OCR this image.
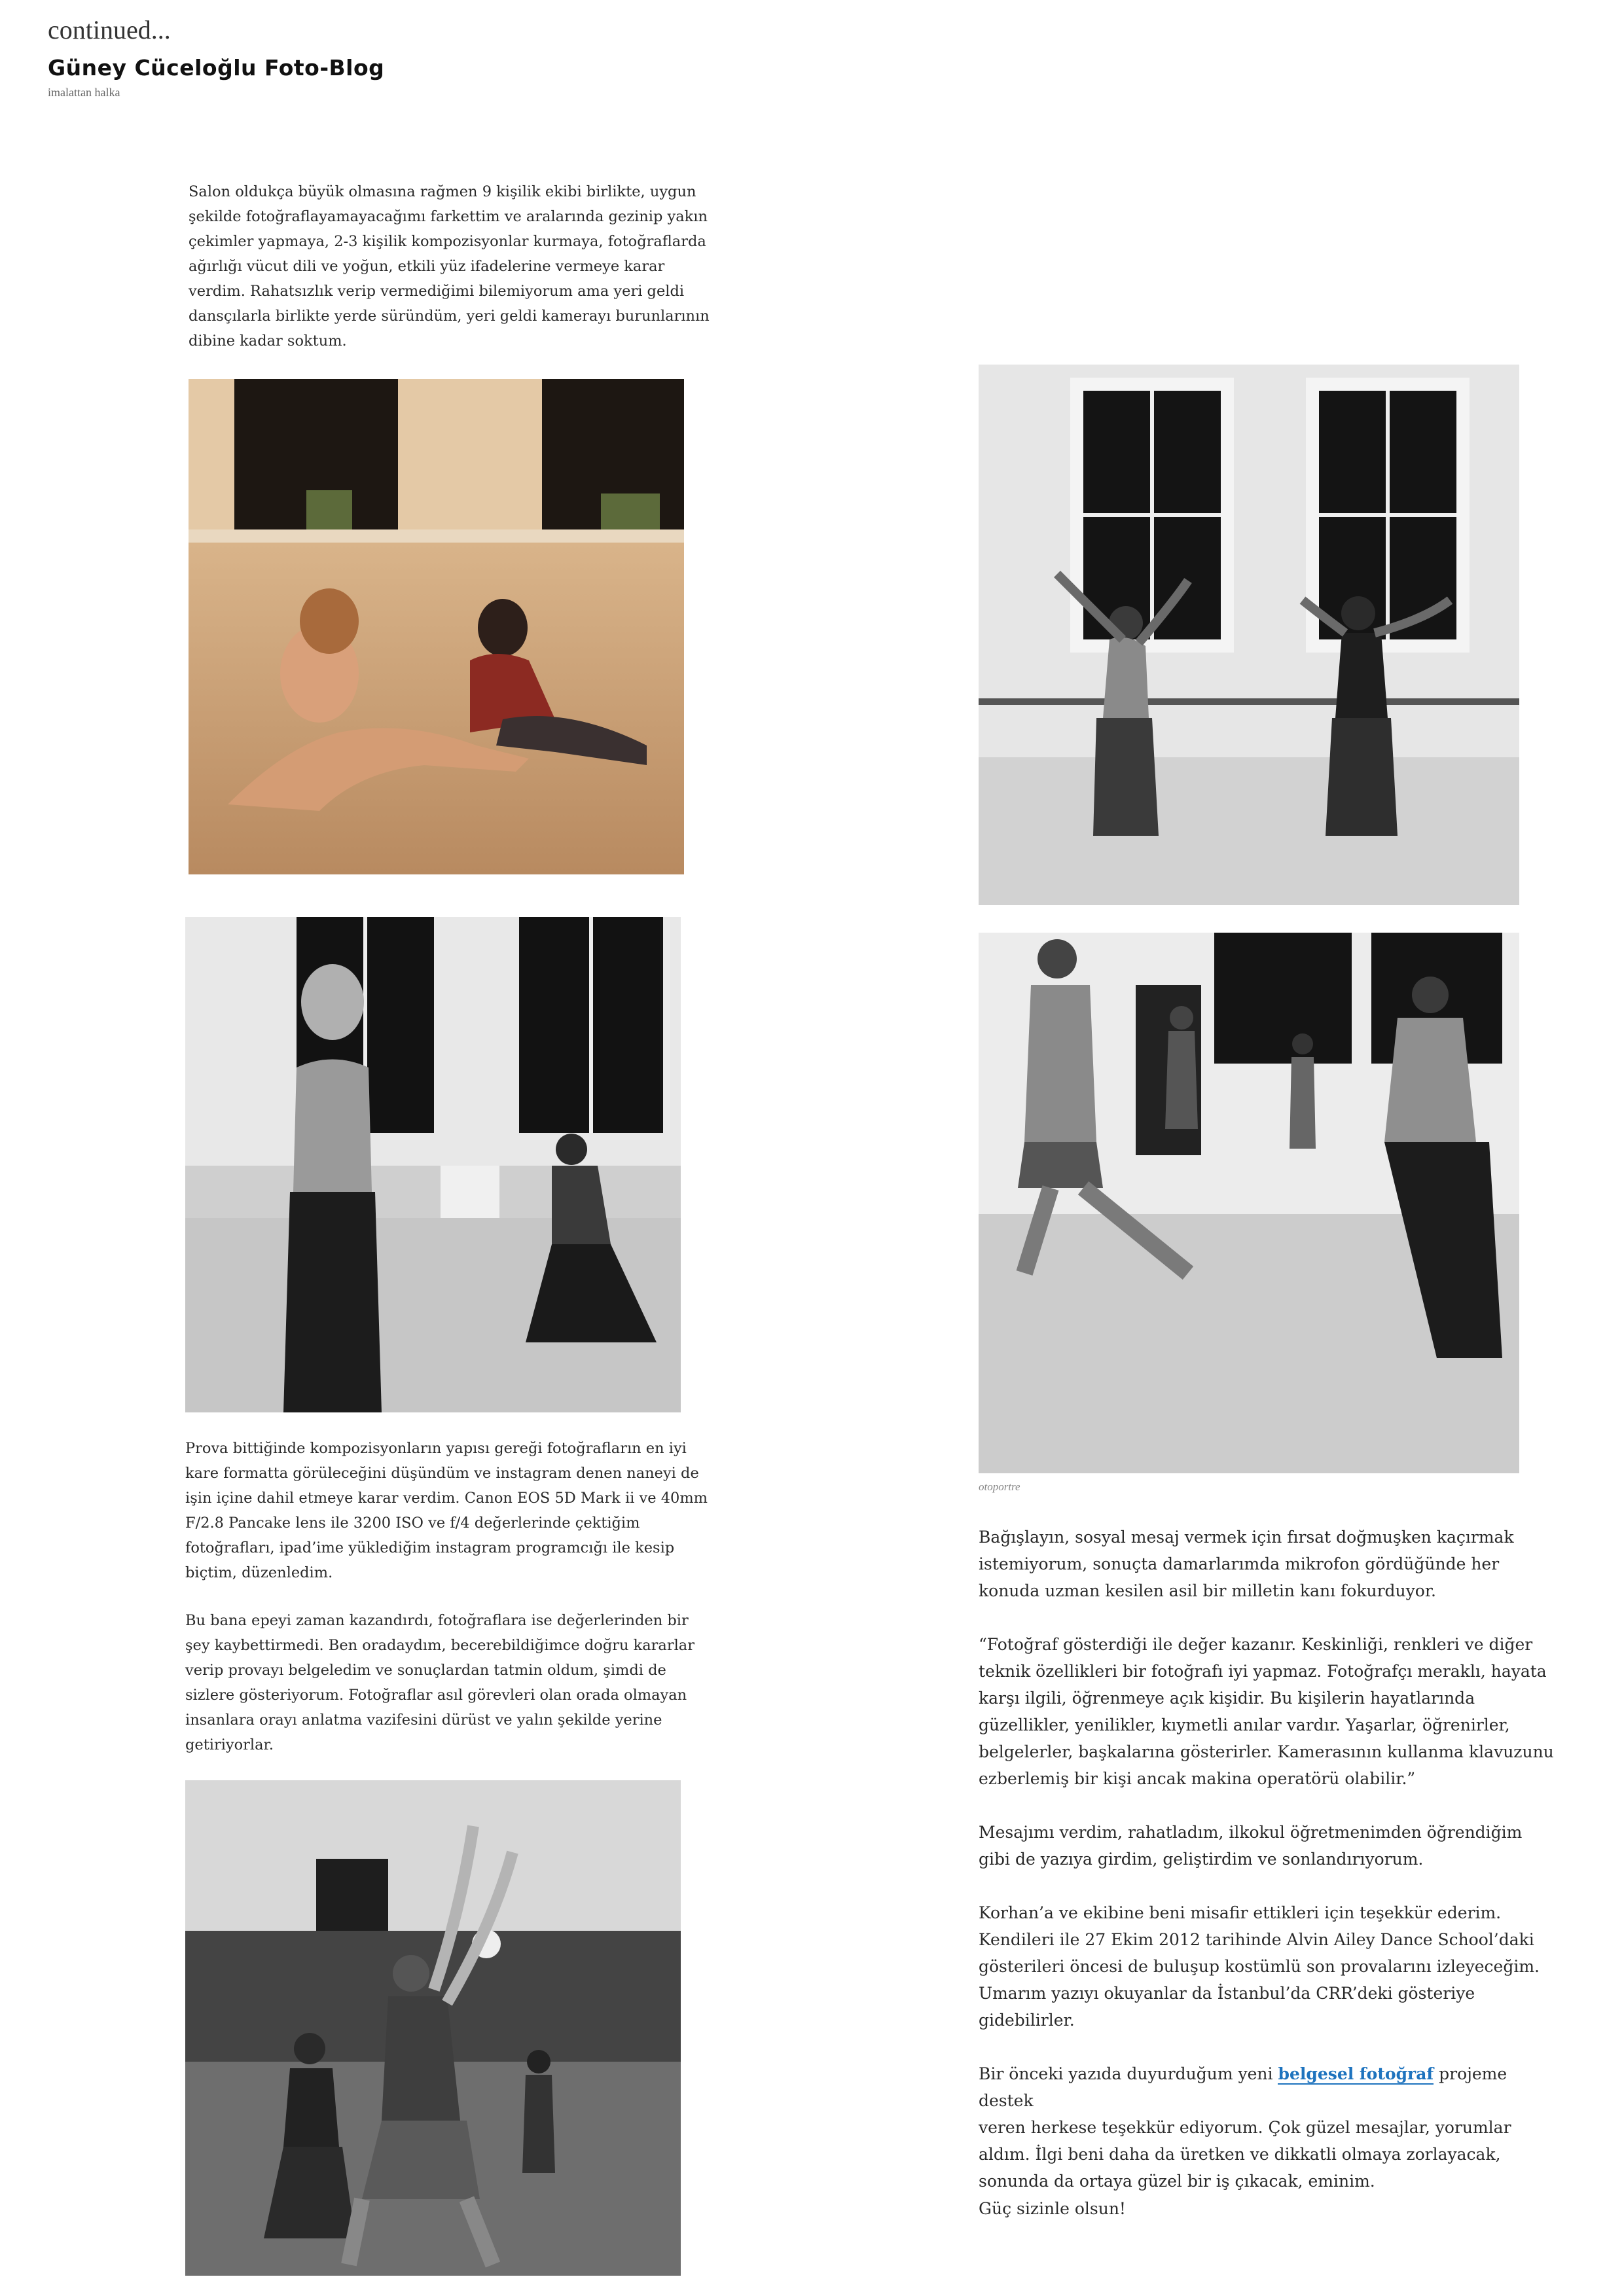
continued...
Güney Cüceloğlu Foto-Blog
imalattan halka

Salon oldukça büyük olmasına rağmen 9 kişilik ekibi birlikte, uygun
şekilde fotoğraflayamayacağımı farkettim ve aralarında gezinip yakın
çekimler yapmaya, 2-3 kişilik kompozisyonlar kurmaya, fotoğraflarda
ağırlığı vücut dili ve yoğun, etkili yüz ifadelerine vermeye karar
verdim. Rahatsızlık verip vermediğimi bilemiyorum ama yeri geldi
dansçılarla birlikte yerde süründüm, yeri geldi kamerayı burunlarının
dibine kadar soktum.

otoportre

Prova bittiğinde kompozisyonların yapısı gereği fotoğrafların en iyi
kare formatta görüleceğini düşündüm ve instagram denen naneyi de
işin içine dahil etmeye karar verdim. Canon EOS 5D Mark ii ve 40mm
F/2.8 Pancake lens ile 3200 ISO ve f/4 değerlerinde çektiğim
fotoğrafları, ipad’ime yüklediğim instagram programcığı ile kesip
biçtim, düzenledim.

Bu bana epeyi zaman kazandırdı, fotoğraflara ise değerlerinden bir
şey kaybettirmedi. Ben oradaydım, becerebildiğimce doğru kararlar
verip provayı belgeledim ve sonuçlardan tatmin oldum, şimdi de
sizlere gösteriyorum. Fotoğraflar asıl görevleri olan orada olmayan
insanlara orayı anlatma vazifesini dürüst ve yalın şekilde yerine
getiriyorlar.

Bağışlayın, sosyal mesaj vermek için fırsat doğmuşken kaçırmak
istemiyorum, sonuçta damarlarımda mikrofon gördüğünde her
konuda uzman kesilen asil bir milletin kanı fokurduyor.

“Fotoğraf gösterdiği ile değer kazanır. Keskinliği, renkleri ve diğer
teknik özellikleri bir fotoğrafı iyi yapmaz. Fotoğrafçı meraklı, hayata
karşı ilgili, öğrenmeye açık kişidir. Bu kişilerin hayatlarında
güzellikler, yenilikler, kıymetli anılar vardır. Yaşarlar, öğrenirler,
belgelerler, başkalarına gösterirler. Kamerasının kullanma klavuzunu
ezberlemiş bir kişi ancak makina operatörü olabilir.”

Mesajımı verdim, rahatladım, ilkokul öğretmenimden öğrendiğim
gibi de yazıya girdim, geliştirdim ve sonlandırıyorum.

Korhan’a ve ekibine beni misafir ettikleri için teşekkür ederim.
Kendileri ile 27 Ekim 2012 tarihinde Alvin Ailey Dance School’daki
gösterileri öncesi de buluşup kostümlü son provalarını izleyeceğim.
Umarım yazıyı okuyanlar da İstanbul’da CRR’deki gösteriye
gidebilirler.

Bir önceki yazıda duyurduğum yeni belgesel fotoğraf projeme destek
veren herkese teşekkür ediyorum. Çok güzel mesajlar, yorumlar
aldım. İlgi beni daha da üretken ve dikkatli olmaya zorlayacak,
sonunda da ortaya güzel bir iş çıkacak, eminim.

Güç sizinle olsun!
